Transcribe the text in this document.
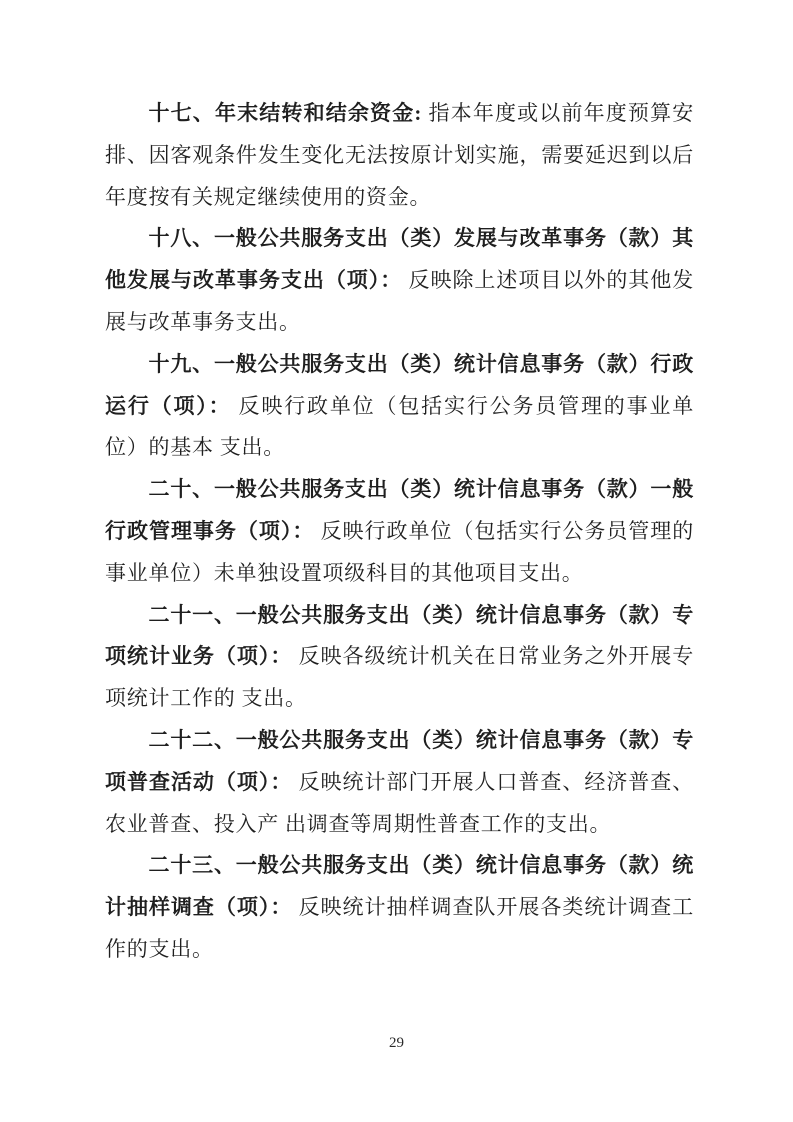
十七、年末结转和结余资金: 指本年度或以前年度预算安排、因客观条件发生变化无法按原计划实施，需要延迟到以后年度按有关规定继续使用的资金。

十八、一般公共服务支出（类）发展与改革事务（款）其他发展与改革事务支出（项）： 反映除上述项目以外的其他发展与改革事务支出。

十九、一般公共服务支出（类）统计信息事务（款）行政运行（项）： 反映行政单位（包括实行公务员管理的事业单位）的基本 支出。

二十、一般公共服务支出（类）统计信息事务（款）一般行政管理事务（项）： 反映行政单位（包括实行公务员管理的事业单位）未单独设置项级科目的其他项目支出。

二十一、一般公共服务支出（类）统计信息事务（款）专项统计业务（项）： 反映各级统计机关在日常业务之外开展专项统计工作的 支出。

二十二、一般公共服务支出（类）统计信息事务（款）专项普查活动（项）： 反映统计部门开展人口普查、经济普查、农业普查、投入产 出调查等周期性普查工作的支出。

二十三、一般公共服务支出（类）统计信息事务（款）统计抽样调查（项）： 反映统计抽样调查队开展各类统计调查工作的支出。

29
